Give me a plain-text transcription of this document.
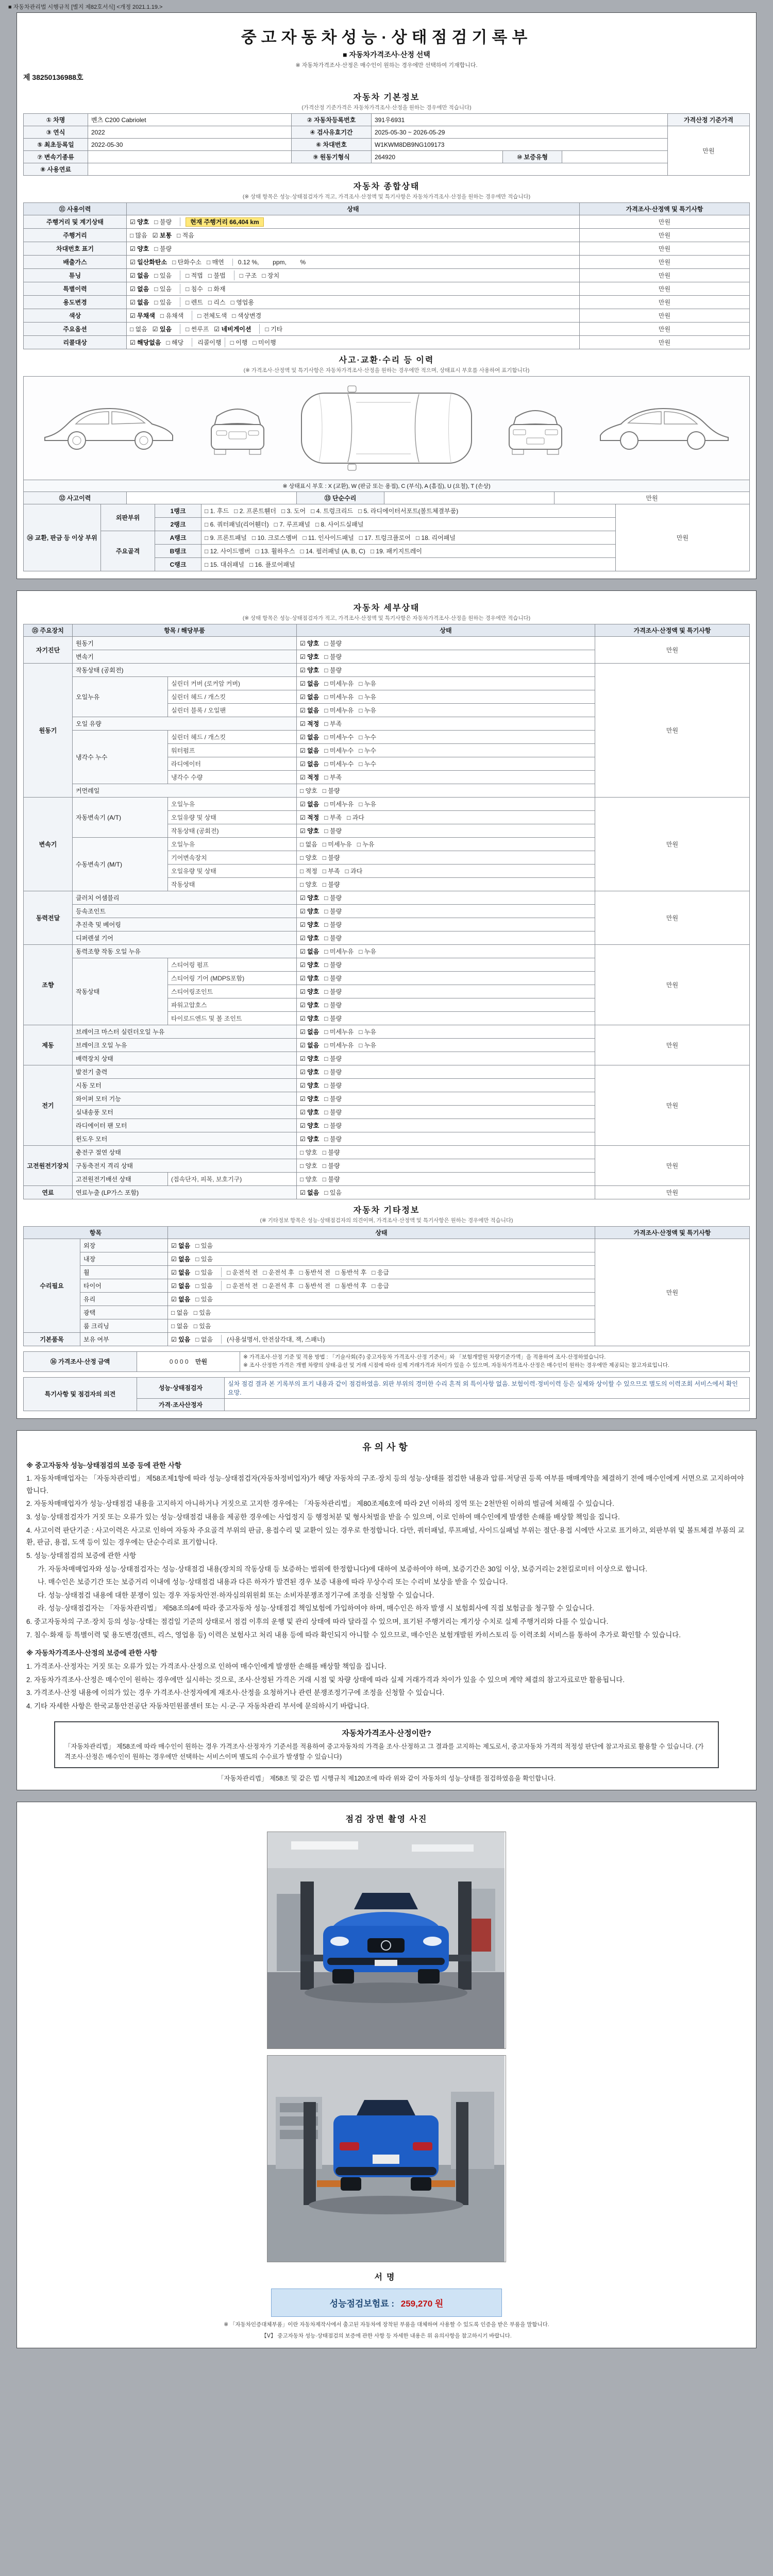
■ 자동차관리법 시행규칙 [별지 제82호서식] <개정 2021.1.19.>
중고자동차성능·상태점검기록부
■ 자동차가격조사·산정 선택
※ 자동차가격조사·산정은 매수인이 원하는 경우에만 선택하여 기재합니다.
제 38250136988호
자동차 기본정보
(가격산정 기준가격은 자동차가격조사·산정을 원하는 경우에만 적습니다)
① 차명	벤츠 C200 Cabriolet	② 자동차등록번호	391우6931			가격산정 기준가격
③ 연식	2022	④ 검사유효기간	2025-05-30 ~ 2026-05-29			만원
⑤ 최초등록일	2022-05-30	⑥ 차대번호	W1KWM8DB9NG109173			
⑦ 변속기종류		⑨ 원동기형식	264920	⑩ 보증유형		
⑧ 사용연료						
자동차 종합상태
(※ 상태 항목은 성능·상태점검자가 적고, 가격조사·산정액 및 특기사항은 자동차가격조사·산정을 원하는 경우에만 적습니다)
⑪ 사용이력	상태	가격조사·산정액 및 특기사항
주행거리 및 계기상태	☑ 양호 □ 불량 현재 주행거리 66,404 km	만원
주행거리	□ 많음 ☑ 보통 □ 적음	만원
차대번호 표기	☑ 양호 □ 불량	만원
배출가스	☑ 일산화탄소 □ 탄화수소 □ 매연 0.12 %,        ppm,        %	만원
튜닝	☑ 없음 □ 있음 □ 적법 □ 불법 □ 구조 □ 장치	만원
특별이력	☑ 없음 □ 있음 □ 침수 □ 화재	만원
용도변경	☑ 없음 □ 있음 □ 렌트 □ 리스 □ 영업용	만원
색상	☑ 무채색 □ 유채색 □ 전체도색 □ 색상변경	만원
주요옵션	□ 없음 ☑ 있음 □ 썬루프 ☑ 네비게이션 □ 기타	만원
리콜대상	☑ 해당없음 □ 해당 리콜이행 □ 이행 □ 미이행	만원
사고·교환·수리 등 이력
(※ 가격조사·산정액 및 특기사항은 자동차가격조사·산정을 원하는 경우에만 적으며, 상태표시 부호를 사용하여 표기합니다)
※ 상태표시 부호 : X (교환), W (판금 또는 용접), C (부식), A (흠집), U (요철), T (손상)
⑫ 사고이력		⑬ 단순수리		만원
⑭ 교환, 판금 등 이상 부위	외판부위	1랭크	□ 1. 후드 □ 2. 프론트휀더 □ 3. 도어 □ 4. 트렁크리드 □ 5. 라디에이터서포트(볼트체결부품)	만원
		2랭크	□ 6. 쿼터패널(리어휀더) □ 7. 루프패널 □ 8. 사이드실패널	
	주요골격	A랭크	□ 9. 프론트패널 □ 10. 크로스멤버 □ 11. 인사이드패널 □ 17. 트렁크플로어 □ 18. 리어패널	
		B랭크	□ 12. 사이드멤버 □ 13. 휠하우스 □ 14. 필러패널 (A, B, C) □ 19. 패키지트레이	
		C랭크	□ 15. 대쉬패널 □ 16. 플로어패널	
자동차 세부상태
(※ 상태 항목은 성능·상태점검자가 적고, 가격조사·산정액 및 특기사항은 자동차가격조사·산정을 원하는 경우에만 적습니다)
⑮ 주요장치	항목 / 해당부품		상태	가격조사·산정액 및 특기사항
자기진단	원동기		☑ 양호 □ 불량	만원
	변속기		☑ 양호 □ 불량	
원동기	작동상태 (공회전)		☑ 양호 □ 불량	만원
	오일누유	실린더 커버 (로커암 커버)	☑ 없음 □ 미세누유 □ 누유	
		실린더 헤드 / 개스킷	☑ 없음 □ 미세누유 □ 누유	
		실린더 블록 / 오일팬	☑ 없음 □ 미세누유 □ 누유	
	오일 유량		☑ 적정 □ 부족	
	냉각수 누수	실린더 헤드 / 개스킷	☑ 없음 □ 미세누수 □ 누수	
		워터펌프	☑ 없음 □ 미세누수 □ 누수	
		라디에이터	☑ 없음 □ 미세누수 □ 누수	
		냉각수 수량	☑ 적정 □ 부족	
	커먼레일		□ 양호 □ 불량	
변속기	자동변속기 (A/T)	오일누유	☑ 없음 □ 미세누유 □ 누유	만원
		오일유량 및 상태	☑ 적정 □ 부족 □ 과다	
		작동상태 (공회전)	☑ 양호 □ 불량	
	수동변속기 (M/T)	오일누유	□ 없음 □ 미세누유 □ 누유	
		기어변속장치	□ 양호 □ 불량	
		오일유량 및 상태	□ 적정 □ 부족 □ 과다	
		작동상태	□ 양호 □ 불량	
동력전달	클러치 어셈블리		☑ 양호 □ 불량	만원
	등속조인트		☑ 양호 □ 불량	
	추진축 및 베어링		☑ 양호 □ 불량	
	디퍼렌셜 기어		☑ 양호 □ 불량	
조향	동력조향 작동 오일 누유		☑ 없음 □ 미세누유 □ 누유	만원
	작동상태	스티어링 펌프	☑ 양호 □ 불량	
		스티어링 기어 (MDPS포함)	☑ 양호 □ 불량	
		스티어링조인트	☑ 양호 □ 불량	
		파워고압호스	☑ 양호 □ 불량	
		타이로드엔드 및 볼 조인트	☑ 양호 □ 불량	
제동	브레이크 마스터 실린더오일 누유		☑ 없음 □ 미세누유 □ 누유	만원
	브레이크 오일 누유		☑ 없음 □ 미세누유 □ 누유	
	배력장치 상태		☑ 양호 □ 불량	
전기	발전기 출력		☑ 양호 □ 불량	만원
	시동 모터		☑ 양호 □ 불량	
	와이퍼 모터 기능		☑ 양호 □ 불량	
	실내송풍 모터		☑ 양호 □ 불량	
	라디에이터 팬 모터		☑ 양호 □ 불량	
	윈도우 모터		☑ 양호 □ 불량	
고전원전기장치	충전구 절연 상태		□ 양호 □ 불량	만원
	구동축전지 격리 상태		□ 양호 □ 불량	
	고전원전기배선 상태	(접속단자, 피복, 보호기구)	□ 양호 □ 불량	
연료	연료누출 (LP가스 포함)		☑ 없음 □ 있음	만원
자동차 기타정보
(※ 기타정보 항목은 성능·상태점검자의 의견이며, 가격조사·산정액 및 특기사항은 원하는 경우에만 적습니다)
항목		상태	가격조사·산정액 및 특기사항
수리필요	외장	☑ 없음 □ 있음	만원
	내장	☑ 없음 □ 있음	
	휠	☑ 없음 □ 있음 □ 운전석 전 □ 운전석 후 □ 동반석 전 □ 동반석 후 □ 응급	
	타이어	☑ 없음 □ 있음 □ 운전석 전 □ 운전석 후 □ 동반석 전 □ 동반석 후 □ 응급	
	유리	☑ 없음 □ 있음	
	광택	□ 없음 □ 있음	
	룸 크리닝	□ 없음 □ 있음	
기본품목	보유 여부	☑ 있음 □ 없음 (사용설명서, 안전삼각대, 잭, 스패너)	
⑯ 가격조사·산정 금액	0 0 0 0 만원	
※ 가격조사·산정 기준 및 적용 방법 : 「기술사회(주) 중고자동차 가격조사·산정 기준서」와 「보험개발원 차량기준가액」을 적용하여 조사·산정하였습니다.
※ 조사·산정한 가격은 개별 차량의 상태·옵션 및 거래 시점에 따라 실제 거래가격과 차이가 있을 수 있으며, 자동차가격조사·산정은 매수인이 원하는 경우에만 제공되는 참고자료입니다.
특기사항 및 점검자의 의견	성능·상태점검자	실차 점검 결과 본 기록부의 표기 내용과 같이 점검하였음. 외판 부위의 경미한 수리 흔적 외 특이사항 없음. 보험이력·정비이력 등은 실제와 상이할 수 있으므로 별도의 이력조회 서비스에서 확인 요망.
	가격·조사산정자	
유의사항
※ 중고자동차 성능·상태점검의 보증 등에 관한 사항
1. 자동차매매업자는 「자동차관리법」 제58조제1항에 따라 성능·상태점검자(자동차정비업자)가 해당 자동차의 구조·장치 등의 성능·상태를 점검한 내용과 압류·저당권 등록 여부를 매매계약을 체결하기 전에 매수인에게 서면으로 고지하여야 합니다.
2. 자동차매매업자가 성능·상태점검 내용을 고지하지 아니하거나 거짓으로 고지한 경우에는 「자동차관리법」 제80조제6호에 따라 2년 이하의 징역 또는 2천만원 이하의 벌금에 처해질 수 있습니다.
3. 성능·상태점검자가 거짓 또는 오류가 있는 성능·상태점검 내용을 제공한 경우에는 사업정지 등 행정처분 및 형사처벌을 받을 수 있으며, 이로 인하여 매수인에게 발생한 손해를 배상할 책임을 집니다.
4. 사고이력 판단기준 : 사고이력은 사고로 인하여 자동차 주요골격 부위의 판금, 용접수리 및 교환이 있는 경우로 한정합니다. 다만, 쿼터패널, 루프패널, 사이드실패널 부위는 절단·용접 시에만 사고로 표기하고, 외판부위 및 볼트체결 부품의 교환, 판금, 용접, 도색 등이 있는 경우에는 단순수리로 표기합니다.
5. 성능·상태점검의 보증에 관한 사항
가. 자동차매매업자와 성능·상태점검자는 성능·상태점검 내용(장치의 작동상태 등 보증하는 범위에 한정합니다)에 대하여 보증하여야 하며, 보증기간은 30일 이상, 보증거리는 2천킬로미터 이상으로 합니다.
나. 매수인은 보증기간 또는 보증거리 이내에 성능·상태점검 내용과 다른 하자가 발견된 경우 보증 내용에 따라 무상수리 또는 수리비 보상을 받을 수 있습니다.
다. 성능·상태점검 내용에 대한 분쟁이 있는 경우 자동차안전·하자심의위원회 또는 소비자분쟁조정기구에 조정을 신청할 수 있습니다.
라. 성능·상태점검자는 「자동차관리법」 제58조의4에 따라 중고자동차 성능·상태점검 책임보험에 가입하여야 하며, 매수인은 하자 발생 시 보험회사에 직접 보험금을 청구할 수 있습니다.
6. 중고자동차의 구조·장치 등의 성능·상태는 점검일 기준의 상태로서 점검 이후의 운행 및 관리 상태에 따라 달라질 수 있으며, 표기된 주행거리는 계기상 수치로 실제 주행거리와 다를 수 있습니다.
7. 침수·화재 등 특별이력 및 용도변경(렌트, 리스, 영업용 등) 이력은 보험사고 처리 내용 등에 따라 확인되지 아니할 수 있으므로, 매수인은 보험개발원 카히스토리 등 이력조회 서비스를 통하여 추가로 확인할 수 있습니다.
※ 자동차가격조사·산정의 보증에 관한 사항
1. 가격조사·산정자는 거짓 또는 오류가 있는 가격조사·산정으로 인하여 매수인에게 발생한 손해를 배상할 책임을 집니다.
2. 자동차가격조사·산정은 매수인이 원하는 경우에만 실시하는 것으로, 조사·산정된 가격은 거래 시점 및 차량 상태에 따라 실제 거래가격과 차이가 있을 수 있으며 계약 체결의 참고자료로만 활용됩니다.
3. 가격조사·산정 내용에 이의가 있는 경우 가격조사·산정자에게 재조사·산정을 요청하거나 관련 분쟁조정기구에 조정을 신청할 수 있습니다.
4. 기타 자세한 사항은 한국교통안전공단 자동차민원콜센터 또는 시·군·구 자동차관리 부서에 문의하시기 바랍니다.
자동차가격조사·산정이란?
「자동차관리법」 제58조에 따라 매수인이 원하는 경우 가격조사·산정자가 기준서를 적용하여 중고자동차의 가격을 조사·산정하고 그 결과를 고지하는 제도로서, 중고자동차 가격의 적정성 판단에 참고자료로 활용할 수 있습니다. (가격조사·산정은 매수인이 원하는 경우에만 선택하는 서비스이며 별도의 수수료가 발생할 수 있습니다)
「자동차관리법」 제58조 및 같은 법 시행규칙 제120조에 따라 위와 같이 자동차의 성능·상태를 점검하였음을 확인합니다.
점검 장면 촬영 사진
서명
성능점검보험료 : 259,270 원
※ 「자동차인증대체부품」이란 자동차제작사에서 출고된 자동차에 장착된 부품을 대체하여 사용할 수 있도록 인증을 받은 부품을 말합니다.
【Ⅴ】 중고자동차 성능·상태점검의 보증에 관한 사항 등 자세한 내용은 위 유의사항을 참고하시기 바랍니다.
